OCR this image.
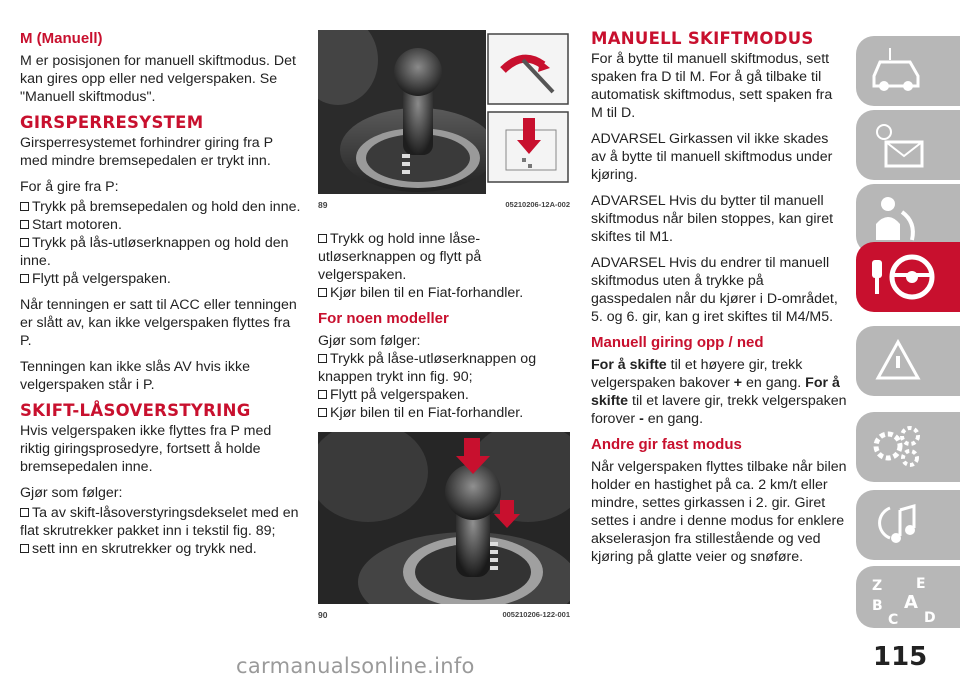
M (Manuell)

M er posisjonen for manuell skiftmodus. Det kan gires opp eller ned velgerspaken. Se "Manuell skiftmodus".

GIRSPERRESYSTEM

Girsperresystemet forhindrer giring fra P med mindre bremsepedalen er trykt inn.

For å gire fra P:

Trykk på bremsepedalen og hold den inne.
Start motoren.
Trykk på lås-utløserknappen og hold den inne.
Flytt på velgerspaken.

Når tenningen er satt til ACC eller tenningen er slått av, kan ikke velgerspaken flyttes fra P.

Tenningen kan ikke slås AV hvis ikke velgerspaken står i P.

SKIFT-LÅSOVERSTYRING

Hvis velgerspaken ikke flyttes fra P med riktig giringsprosedyre, fortsett å holde bremsepedalen inne.

Gjør som følger:

Ta av skift-låsoverstyringsdekselet med en flat skrutrekker pakket inn i tekstil fig. 89;
sett inn en skrutrekker og trykk ned.
89	05210206-12A-002
Trykk og hold inne låse-utløserknappen og flytt på velgerspaken.
Kjør bilen til en Fiat-forhandler.
For noen modeller
Gjør som følger:
Trykk på låse-utløserknappen og knappen trykt inn fig. 90;
Flytt på velgerspaken.
Kjør bilen til en Fiat-forhandler.
90	005210206-122-001
MANUELL SKIFTMODUS

For å bytte til manuell skiftmodus, sett spaken fra D til M. For å gå tilbake til automatisk skiftmodus, sett spaken fra M til D.

ADVARSEL Girkassen vil ikke skades av å bytte til manuell skiftmodus under kjøring.

ADVARSEL Hvis du bytter til manuell skiftmodus når bilen stoppes, kan giret skiftes til M1.

ADVARSEL Hvis du endrer til manuell skiftmodus uten å trykke på gasspedalen når du kjører i D-området, 5. og 6. gir, kan g iret skiftes til M4/M5.

Manuell giring opp / ned

For å skifte til et høyere gir, trekk velgerspaken bakover + en gang. For å skifte til et lavere gir, trekk velgerspaken forover - en gang.

Andre gir fast modus

Når velgerspaken flyttes tilbake når bilen holder en hastighet på ca. 2 km/t eller mindre, settes girkassen i 2. gir. Giret settes i andre i denne modus for enklere akselerasjon fra stillestående og ved kjøring på glatte veier og snøføre.

Z E
B A
C D
115
carmanualsonline.info
